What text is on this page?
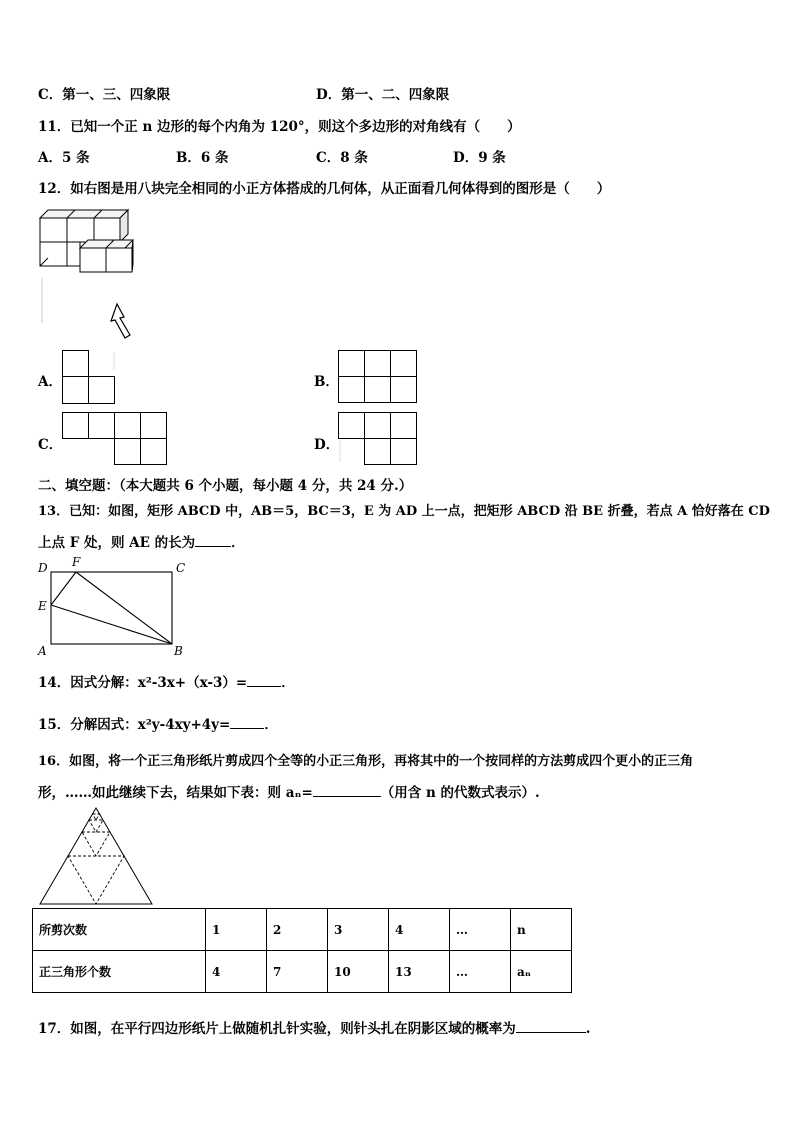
C．第一、三、四象限	D．第一、二、四象限
11．已知一个正 n 边形的每个内角为 120°，则这个多边形的对角线有（　　）
A．5 条	B．6 条	C．8 条	D．9 条
12．如右图是用八块完全相同的小正方体搭成的几何体，从正面看几何体得到的图形是（　　）
A．	B．
C．	D．
二、填空题：（本大题共 6 个小题，每小题 4 分，共 24 分.）
13．已知：如图，矩形 ABCD 中，AB＝5，BC＝3，E 为 AD 上一点，把矩形 ABCD 沿 BE 折叠，若点 A 恰好落在 CD
上点 F 处，则 AE 的长为	．
D F	C
E
A	B
14．因式分解：x²-3x+（x-3）=	．
15．分解因式：x²y-4xy+4y=	．
16．如图，将一个正三角形纸片剪成四个全等的小正三角形，再将其中的一个按同样的方法剪成四个更小的正三角
形，……如此继续下去，结果如下表：则 aₙ=	（用含 n 的代数式表示）.
所剪次数	1	2	3	4	…	n
正三角形个数	4	7	10	13	…	aₙ
17．如图，在平行四边形纸片上做随机扎针实验，则针头扎在阴影区域的概率为	.
